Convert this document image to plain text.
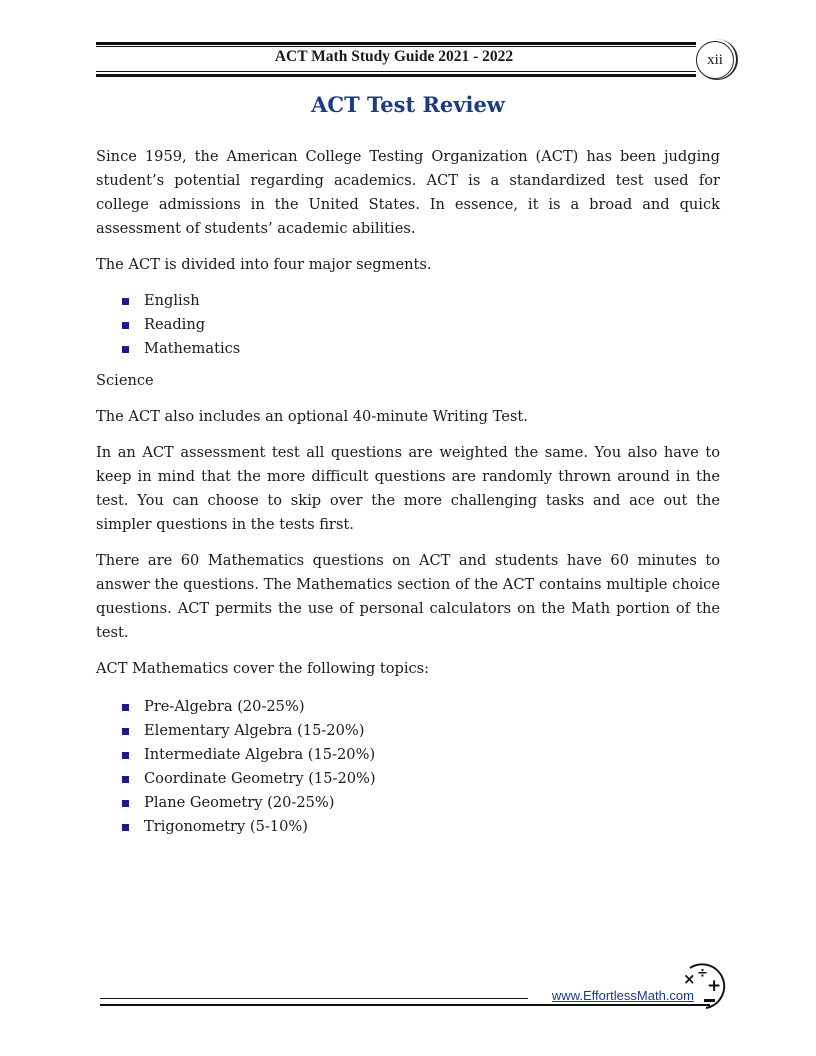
ACT Math Study Guide 2021 - 2022	xii
ACT Test Review

Since 1959, the American College Testing Organization (ACT) has been judging student’s potential regarding academics. ACT is a standardized test used for college admissions in the United States. In essence, it is a broad and quick assessment of students’ academic abilities.

The ACT is divided into four major segments.

English
Reading
Mathematics

Science

The ACT also includes an optional 40-minute Writing Test.

In an ACT assessment test all questions are weighted the same. You also have to keep in mind that the more difficult questions are randomly thrown around in the test. You can choose to skip over the more challenging tasks and ace out the simpler questions in the tests first.

There are 60 Mathematics questions on ACT and students have 60 minutes to answer the questions. The Mathematics section of the ACT contains multiple choice questions. ACT permits the use of personal calculators on the Math portion of the test.

ACT Mathematics cover the following topics:

Pre-Algebra (20-25%)
Elementary Algebra (15-20%)
Intermediate Algebra (15-20%)
Coordinate Geometry (15-20%)
Plane Geometry (20-25%)
Trigonometry (5-10%)
www.EffortlessMath.com
× ÷
+
